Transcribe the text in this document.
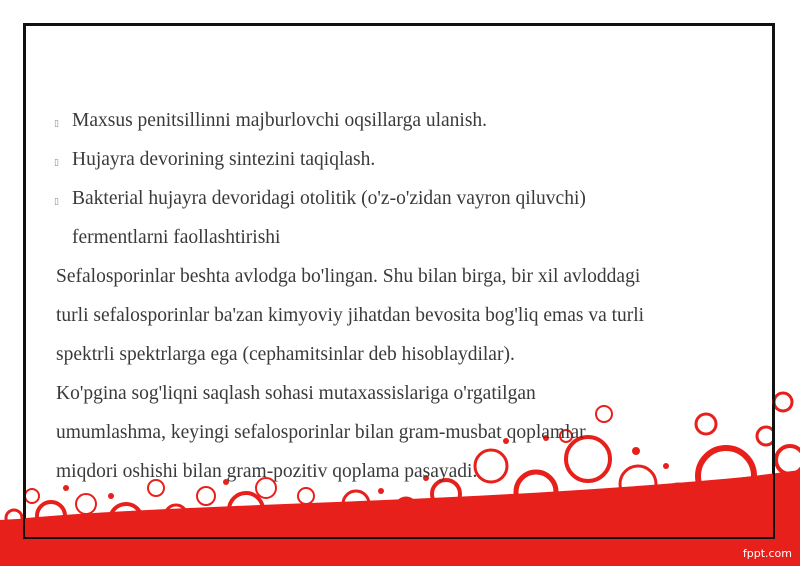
▯ Maxsus penitsillinni majburlovchi oqsillarga ulanish.
▯ Hujayra devorining sintezini taqiqlash.
▯ Bakterial hujayra devoridagi otolitik (o'z-o'zidan vayron qiluvchi)
fermentlarni faollashtirishi
Sefalosporinlar beshta avlodga bo'lingan. Shu bilan birga, bir xil avloddagi
turli sefalosporinlar ba'zan kimyoviy jihatdan bevosita bog'liq emas va turli
spektrli spektrlarga ega (cephamitsinlar deb hisoblaydilar).
Ko'pgina sog'liqni saqlash sohasi mutaxassislariga o'rgatilgan
umumlashma, keyingi sefalosporinlar bilan gram-musbat qoplamlar
miqdori oshishi bilan gram-pozitiv qoplama pasayadi.
fppt.com
